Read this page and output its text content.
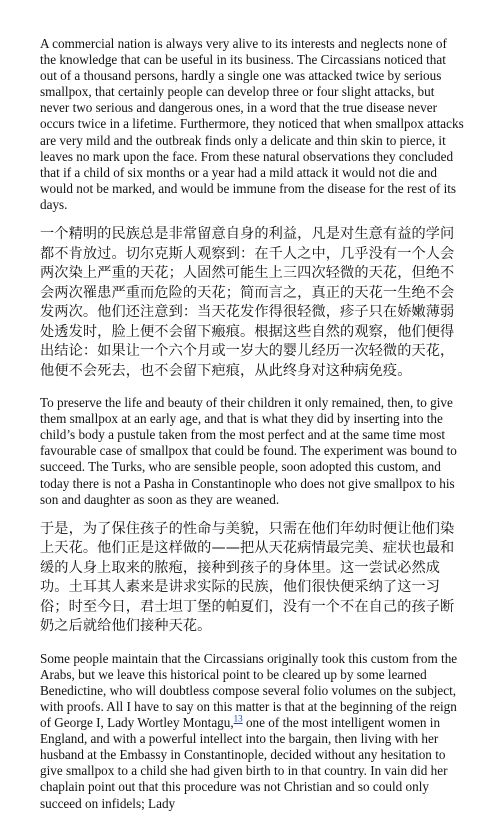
A commercial nation is always very alive to its interests and neglects none of the knowledge that can be useful in its business. The Circassians noticed that out of a thousand persons, hardly a single one was attacked twice by serious smallpox, that certainly people can develop three or four slight attacks, but never two serious and dangerous ones, in a word that the true disease never occurs twice in a lifetime. Furthermore, they noticed that when smallpox attacks are very mild and the outbreak finds only a delicate and thin skin to pierce, it leaves no mark upon the face. From these natural observations they concluded that if a child of six months or a year had a mild attack it would not die and would not be marked, and would be immune from the disease for the rest of its days.

一个精明的民族总是非常留意自身的利益，凡是对生意有益的学问都不肯放过。切尔克斯人观察到：在千人之中，几乎没有一个人会两次染上严重的天花；人固然可能生上三四次轻微的天花，但绝不会两次罹患严重而危险的天花；简而言之，真正的天花一生绝不会发两次。他们还注意到：当天花发作得很轻微，疹子只在娇嫩薄弱处透发时，脸上便不会留下瘢痕。根据这些自然的观察，他们便得出结论：如果让一个六个月或一岁大的婴儿经历一次轻微的天花，他便不会死去，也不会留下疤痕，从此终身对这种病免疫。

To preserve the life and beauty of their children it only remained, then, to give them smallpox at an early age, and that is what they did by inserting into the child’s body a pustule taken from the most perfect and at the same time most favourable case of smallpox that could be found. The experiment was bound to succeed. The Turks, who are sensible people, soon adopted this custom, and today there is not a Pasha in Constantinople who does not give smallpox to his son and daughter as soon as they are weaned.

于是，为了保住孩子的性命与美貌，只需在他们年幼时便让他们染上天花。他们正是这样做的——把从天花病情最完美、症状也最和缓的人身上取来的脓疱，接种到孩子的身体里。这一尝试必然成功。土耳其人素来是讲求实际的民族，他们很快便采纳了这一习俗；时至今日，君士坦丁堡的帕夏们，没有一个不在自己的孩子断奶之后就给他们接种天花。

Some people maintain that the Circassians originally took this custom from the Arabs, but we leave this historical point to be cleared up by some learned Benedictine, who will doubtless compose several folio volumes on the subject, with proofs. All I have to say on this matter is that at the beginning of the reign of George I, Lady Wortley Montagu,$^{13}$ one of the most intelligent women in England, and with a powerful intellect into the bargain, then living with her husband at the Embassy in Constantinople, decided without any hesitation to give smallpox to a child she had given birth to in that country. In vain did her chaplain point out that this procedure was not Christian and so could only succeed on infidels; Lady
